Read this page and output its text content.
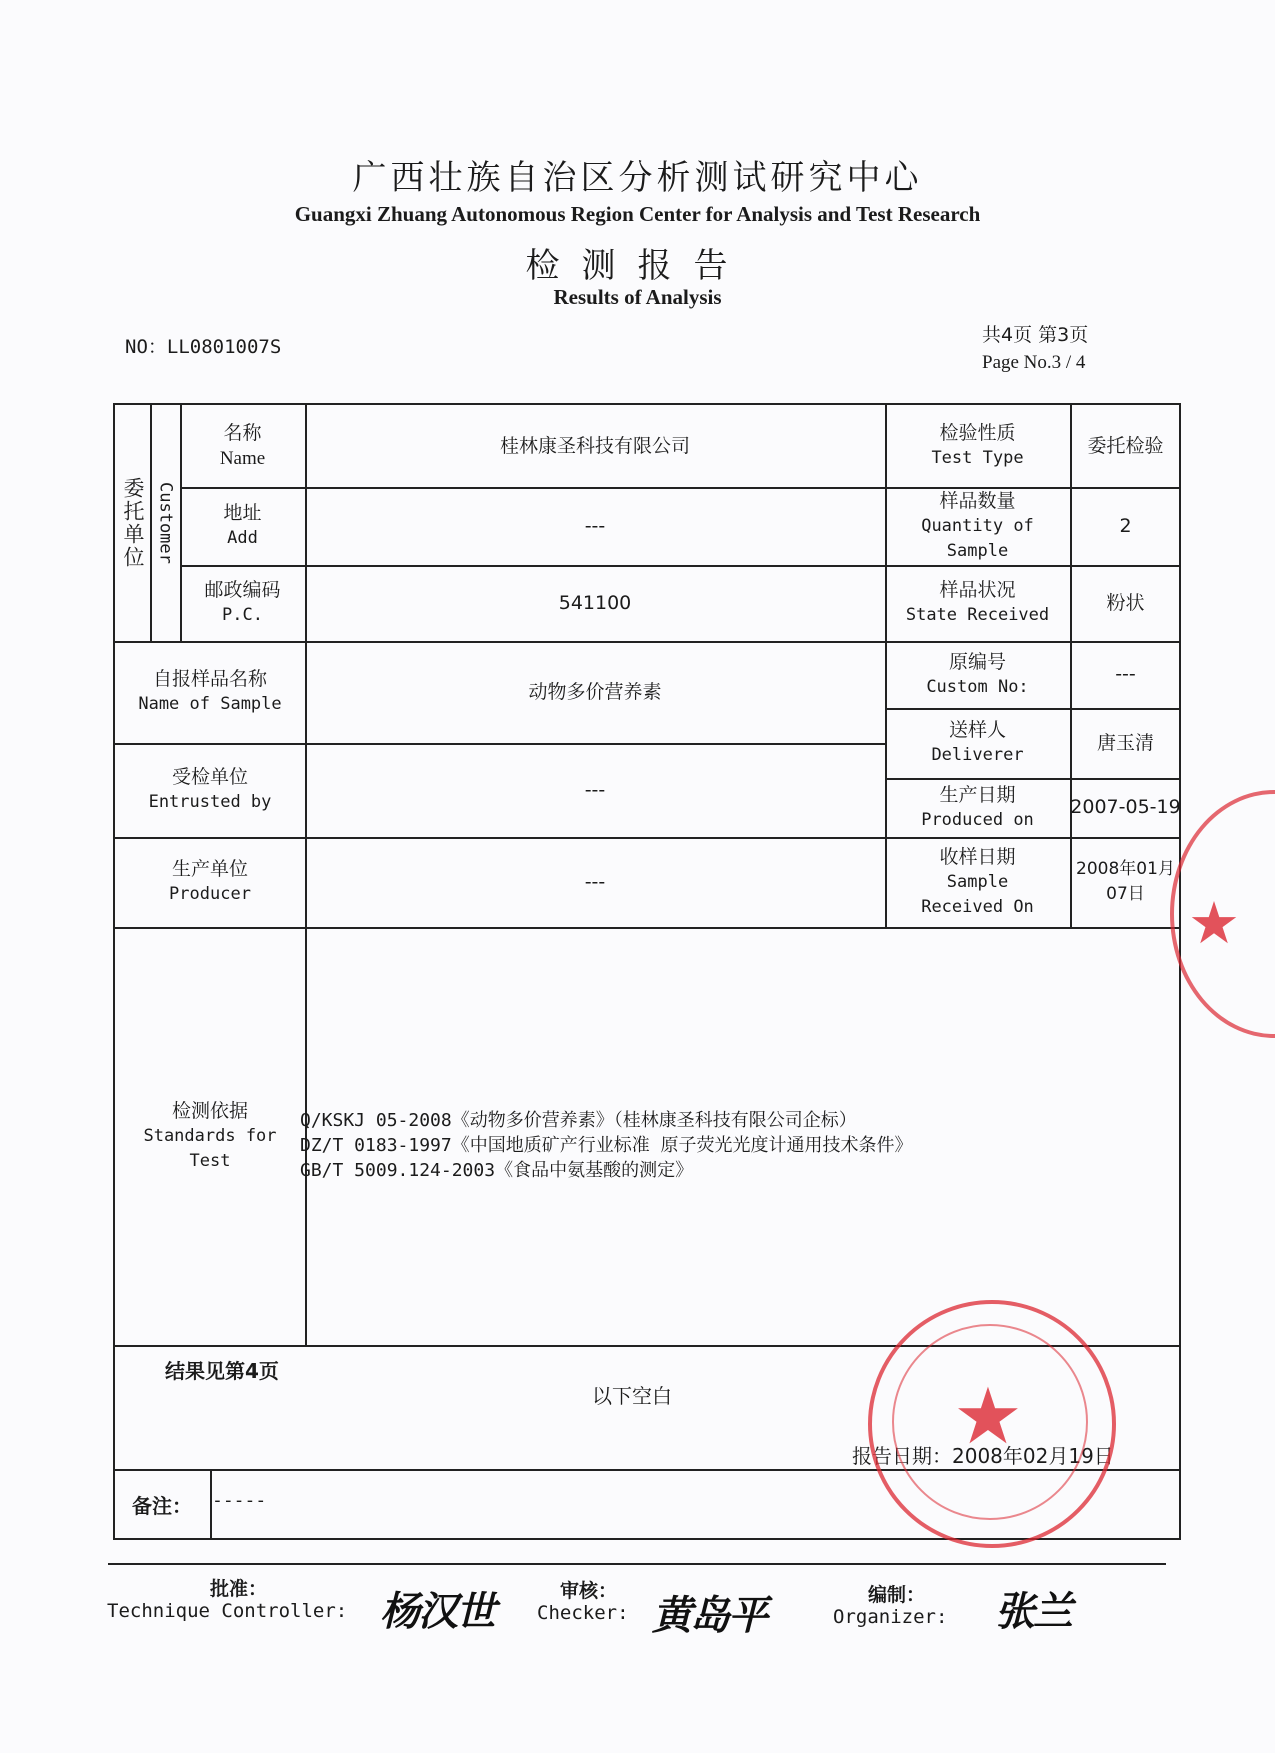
广西壮族自治区分析测试研究中心
Guangxi Zhuang Autonomous Region Center for Analysis and Test Research
检测报告
Results of Analysis
NO：LL0801007S
共4页 第3页
Page No.3 / 4
委托单位 Customer
名称
Name
桂林康圣科技有限公司
地址
Add
---
邮政编码
P.C.
541100
检验性质
Test Type
委托检验
样品数量
Quantity of
Sample
2
样品状况
State Received
粉状
原编号
Custom No:
---
送样人
Deliverer
唐玉清
生产日期
Produced on
2007-05-19
收样日期
Sample
Received On
2008年01月07日
自报样品名称
Name of Sample
动物多价营养素
受检单位
Entrusted by
---
生产单位
Producer
---
检测依据
Standards for
Test
Q/KSKJ 05-2008《动物多价营养素》（桂林康圣科技有限公司企标）
DZ/T 0183-1997《中国地质矿产行业标准 原子荧光光度计通用技术条件》
GB/T 5009.124-2003《食品中氨基酸的测定》
结果见第4页
以下空白
报告日期：2008年02月19日
备注： -----
★
★
批准：
Technique Controller: 杨汉世	审核：
Checker: 黄岛平	编制：
Organizer: 张兰
